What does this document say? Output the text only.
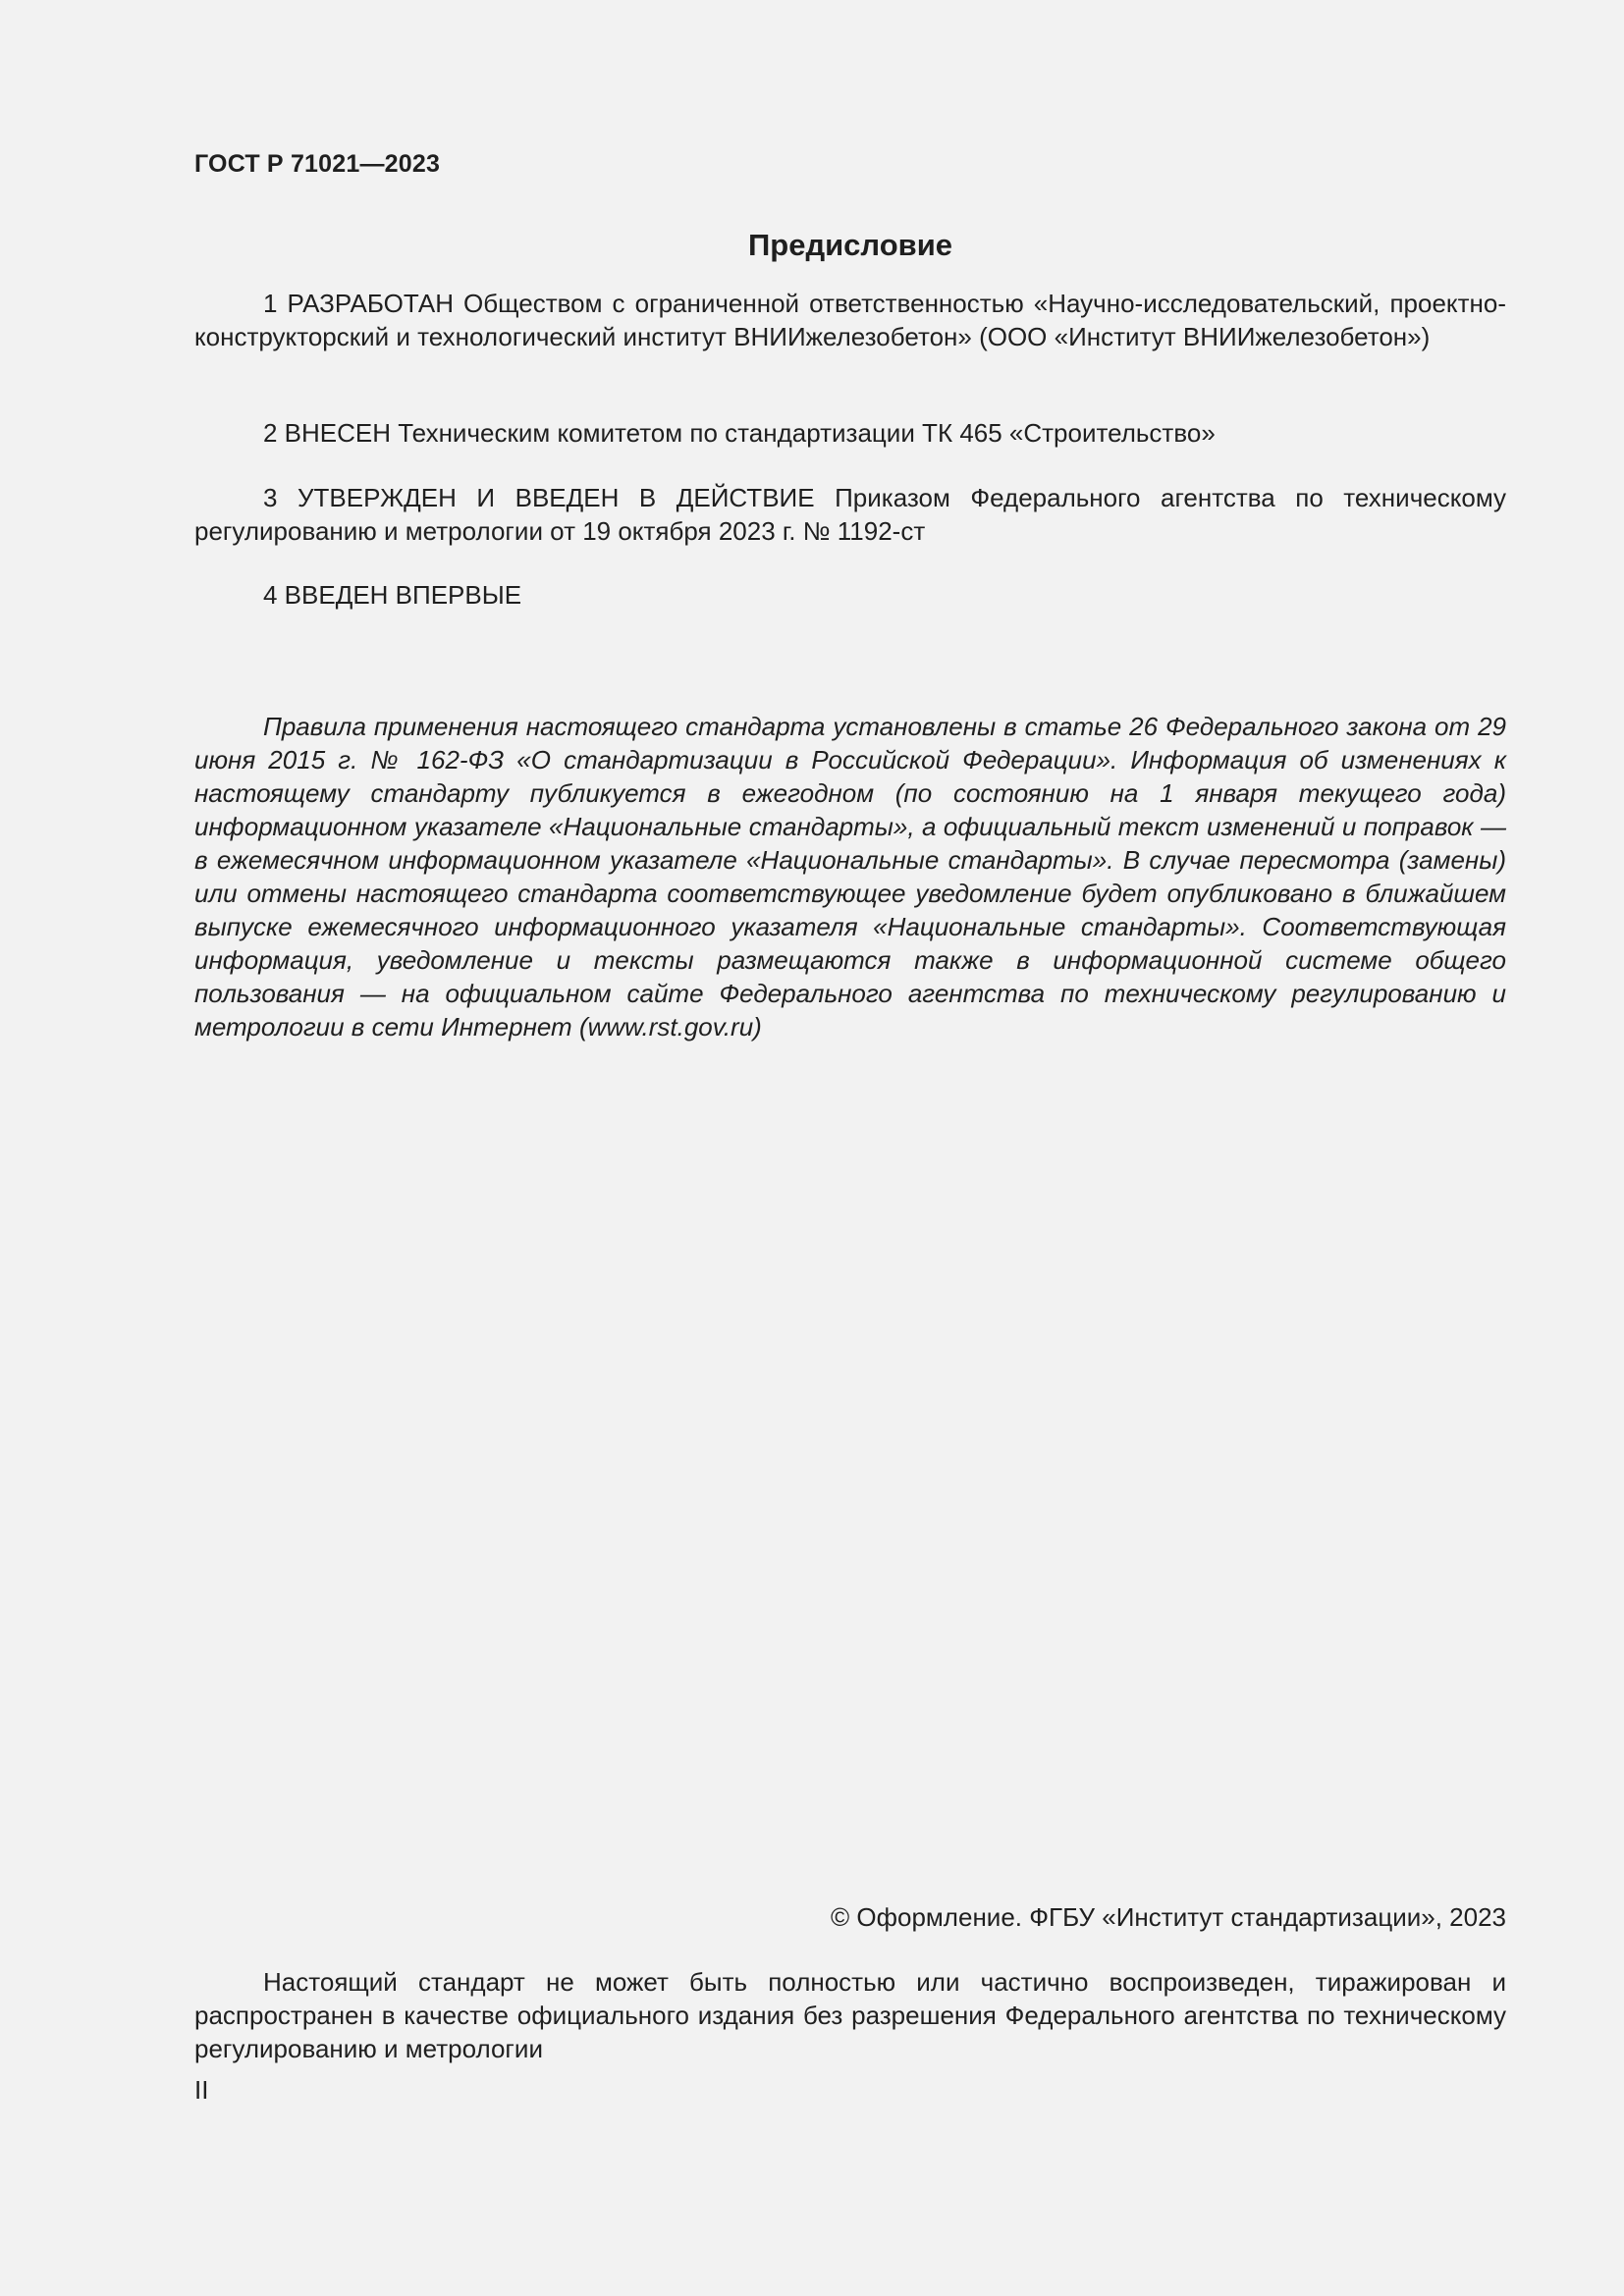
ГОСТ Р 71021—2023
Предисловие

1 РАЗРАБОТАН Обществом с ограниченной ответственностью «Научно-исследовательский, проектно-конструкторский и технологический институт ВНИИжелезобетон» (ООО «Институт ВНИИжелезобетон»)

2 ВНЕСЕН Техническим комитетом по стандартизации ТК 465 «Строительство»

3 УТВЕРЖДЕН И ВВЕДЕН В ДЕЙСТВИЕ Приказом Федерального агентства по техническому регулированию и метрологии от 19 октября 2023 г. № 1192-ст

4 ВВЕДЕН ВПЕРВЫЕ

Правила применения настоящего стандарта установлены в статье 26 Федерального закона от 29 июня 2015 г. № 162-ФЗ «О стандартизации в Российской Федерации». Информация об изменениях к настоящему стандарту публикуется в ежегодном (по состоянию на 1 января текущего года) информационном указателе «Национальные стандарты», а официальный текст изменений и поправок — в ежемесячном информационном указателе «Национальные стандарты». В случае пересмотра (замены) или отмены настоящего стандарта соответствующее уведомление будет опубликовано в ближайшем выпуске ежемесячного информационного указателя «Национальные стандарты». Соответствующая информация, уведомление и тексты размещаются также в информационной системе общего пользования — на официальном сайте Федерального агентства по техническому регулированию и метрологии в сети Интернет (www.rst.gov.ru)

© Оформление. ФГБУ «Институт стандартизации», 2023

Настоящий стандарт не может быть полностью или частично воспроизведен, тиражирован и распространен в качестве официального издания без разрешения Федерального агентства по техническому регулированию и метрологии

II
